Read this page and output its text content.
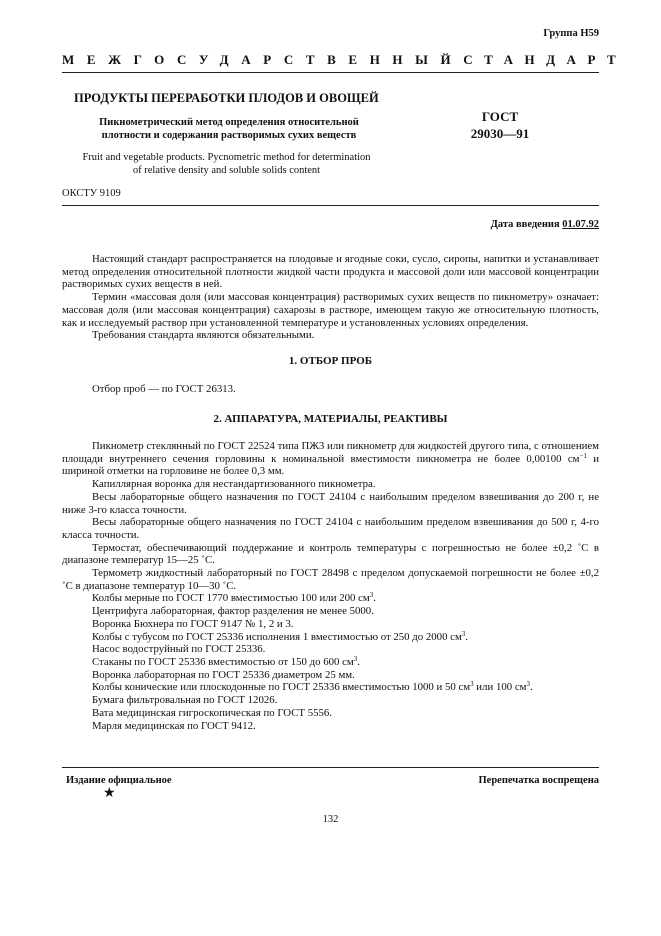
Группа Н59
МЕЖГОСУДАРСТВЕННЫЙ СТАНДАРТ
ПРОДУКТЫ ПЕРЕРАБОТКИ ПЛОДОВ И ОВОЩЕЙ
Пикнометрический метод определения относительной
плотности и содержания растворимых сухих веществ
ГОСТ
29030—91
Fruit and vegetable products. Pycnometric method for determination
of relative density and soluble solids content
ОКСТУ 9109
Дата введения 01.07.92

Настоящий стандарт распространяется на плодовые и ягодные соки, сусло, сиропы, напитки и устанавливает метод определения относительной плотности жидкой части продукта и массовой доли или массовой концентрации растворимых сухих веществ в ней.

Термин «массовая доля (или массовая концентрация) растворимых сухих веществ по пикнометру» означает: массовая доля (или массовая концентрация) сахарозы в растворе, имеющем такую же относительную плотность, как и исследуемый раствор при установленной температуре и установленных условиях определения.

Требования стандарта являются обязательными.

1. ОТБОР ПРОБ

Отбор проб — по ГОСТ 26313.

2. АППАРАТУРА, МАТЕРИАЛЫ, РЕАКТИВЫ

Пикнометр стеклянный по ГОСТ 22524 типа ПЖ3 или пикнометр для жидкостей другого типа, с отношением площади внутреннего сечения горловины к номинальной вместимости пикнометра не более 0,00100 $см^{-1}$ и шириной отметки на горловине не более 0,3 мм.

Капиллярная воронка для нестандартизованного пикнометра.

Весы лабораторные общего назначения по ГОСТ 24104 с наибольшим пределом взвешивания до 200 г, не ниже 3-го класса точности.

Весы лабораторные общего назначения по ГОСТ 24104 с наибольшим пределом взвешивания до 500 г, 4-го класса точности.

Термостат, обеспечивающий поддержание и контроль температуры с погрешностью не более ±0,2 ˚С в диапазоне температур 15—25 ˚С.

Термометр жидкостный лабораторный по ГОСТ 28498 с пределом допускаемой погрешности не более ±0,2 ˚С в диапазоне температур 10—30 ˚С.

Колбы мерные по ГОСТ 1770 вместимостью 100 или 200 $см^3$.

Центрифуга лабораторная, фактор разделения не менее 5000.

Воронка Бюхнера по ГОСТ 9147 № 1, 2 и 3.

Колбы с тубусом по ГОСТ 25336 исполнения 1 вместимостью от 250 до 2000 $см^3$.

Насос водоструйный по ГОСТ 25336.

Стаканы по ГОСТ 25336 вместимостью от 150 до 600 $см^3$.

Воронка лабораторная по ГОСТ 25336 диаметром 25 мм.

Колбы конические или плоскодонные по ГОСТ 25336 вместимостью 1000 и 50 $см^3$ или 100 $см^3$.

Бумага фильтровальная по ГОСТ 12026.

Вата медицинская гигроскопическая по ГОСТ 5556.

Марля медицинская по ГОСТ 9412.

Издание официальное
★
Перепечатка воспрещена
132
